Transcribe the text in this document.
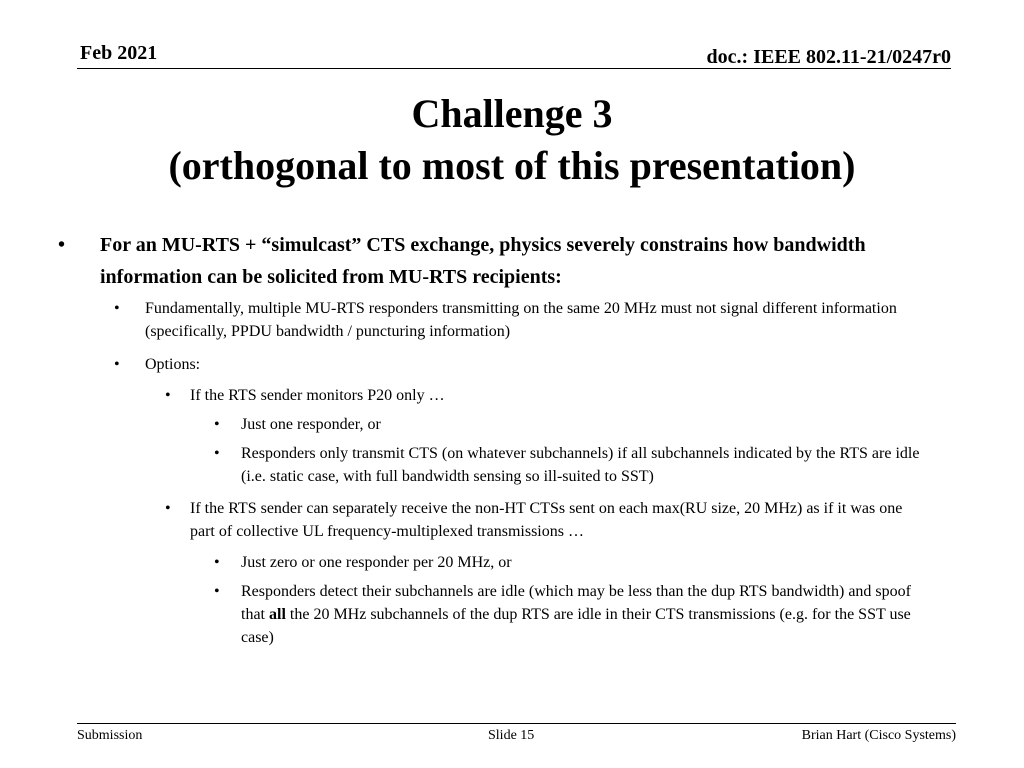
Feb 2021	doc.: IEEE 802.11-21/0247r0
Challenge 3
(orthogonal to most of this presentation)
•	For an MU-RTS + “simulcast” CTS exchange, physics severely constrains how bandwidth information can be solicited from MU-RTS recipients:
•	Fundamentally, multiple MU-RTS responders transmitting on the same 20 MHz must not signal different information (specifically, PPDU bandwidth / puncturing information)
•	Options:
•	If the RTS sender monitors P20 only …
•	Just one responder, or
•	Responders only transmit CTS (on whatever subchannels) if all subchannels indicated by the RTS are idle (i.e. static case, with full bandwidth sensing so ill-suited to SST)
•	If the RTS sender can separately receive the non-HT CTSs sent on each max(RU size, 20 MHz) as if it was one part of collective UL frequency-multiplexed transmissions …
•	Just zero or one responder per 20 MHz, or
•	Responders detect their subchannels are idle (which may be less than the dup RTS bandwidth) and spoof that all the 20 MHz subchannels of the dup RTS are idle in their CTS transmissions (e.g. for the SST use case)
Submission	Slide 15	Brian Hart (Cisco Systems)
